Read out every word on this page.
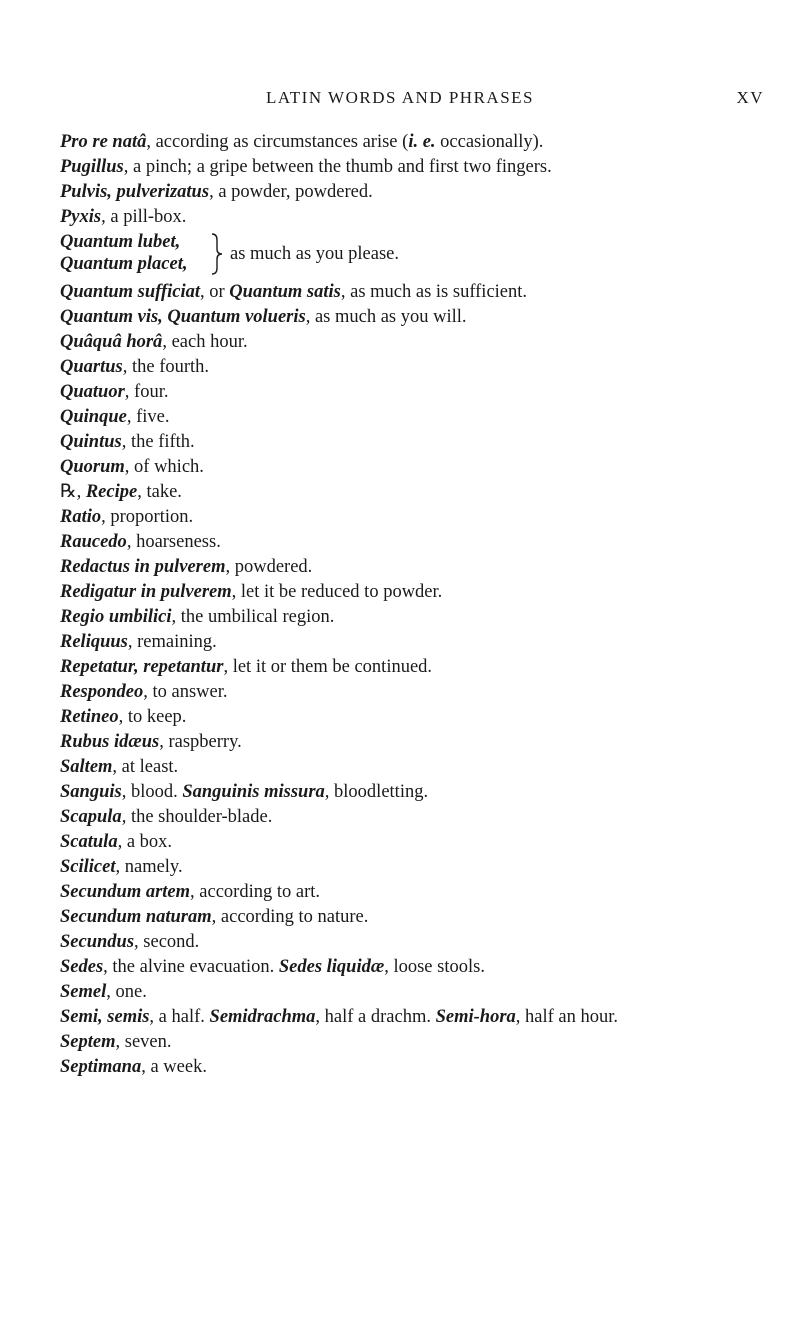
LATIN WORDS AND PHRASES	XV
Pro re natâ, according as circumstances arise (i. e. occasionally).
Pugillus, a pinch; a gripe between the thumb and first two fingers.
Pulvis, pulverizatus, a powder, powdered.
Pyxis, a pill-box.
Quantum lubet,
Quantum placet, as much as you please.
Quantum sufficiat, or Quantum satis, as much as is sufficient.
Quantum vis, Quantum volueris, as much as you will.
Quâquâ horâ, each hour.
Quartus, the fourth.
Quatuor, four.
Quinque, five.
Quintus, the fifth.
Quorum, of which.
℞, Recipe, take.
Ratio, proportion.
Raucedo, hoarseness.
Redactus in pulverem, powdered.
Redigatur in pulverem, let it be reduced to powder.
Regio umbilici, the umbilical region.
Reliquus, remaining.
Repetatur, repetantur, let it or them be continued.
Respondeo, to answer.
Retineo, to keep.
Rubus idæus, raspberry.
Saltem, at least.
Sanguis, blood. Sanguinis missura, bloodletting.
Scapula, the shoulder-blade.
Scatula, a box.
Scilicet, namely.
Secundum artem, according to art.
Secundum naturam, according to nature.
Secundus, second.
Sedes, the alvine evacuation. Sedes liquidæ, loose stools.
Semel, one.
Semi, semis, a half. Semidrachma, half a drachm. Semi-hora, half an hour.
Septem, seven.
Septimana, a week.
